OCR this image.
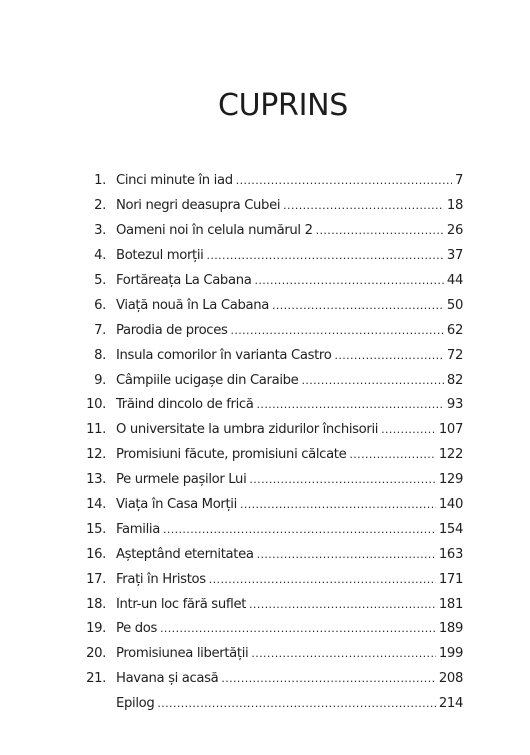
CUPRINS
1. Cinci minute în iad . . .	7
2. Nori negri deasupra Cubei . . .	18
3. Oameni noi în celula numărul 2 . . .	26
4. Botezul morții . . .	37
5. Fortăreața La Cabana . . .	44
6. Viață nouă în La Cabana . . .	50
7. Parodia de proces . . .	62
8. Insula comorilor în varianta Castro . . .	72
9. Câmpiile ucigașe din Caraibe . . .	82
10. Trăind dincolo de frică . . .	93
11. O universitate la umbra zidurilor închisorii . . .	107
12. Promisiuni făcute, promisiuni călcate . . .	122
13. Pe urmele pașilor Lui . . .	129
14. Viața în Casa Morții . . .	140
15. Familia . . .	154
16. Așteptând eternitatea . . .	163
17. Frați în Hristos . . .	171
18. Într-un loc fără suflet . . .	181
19. Pe dos . . .	189
20. Promisiunea libertății . . .	199
21. Havana și acasă . . .	208
Epilog . . .	214
